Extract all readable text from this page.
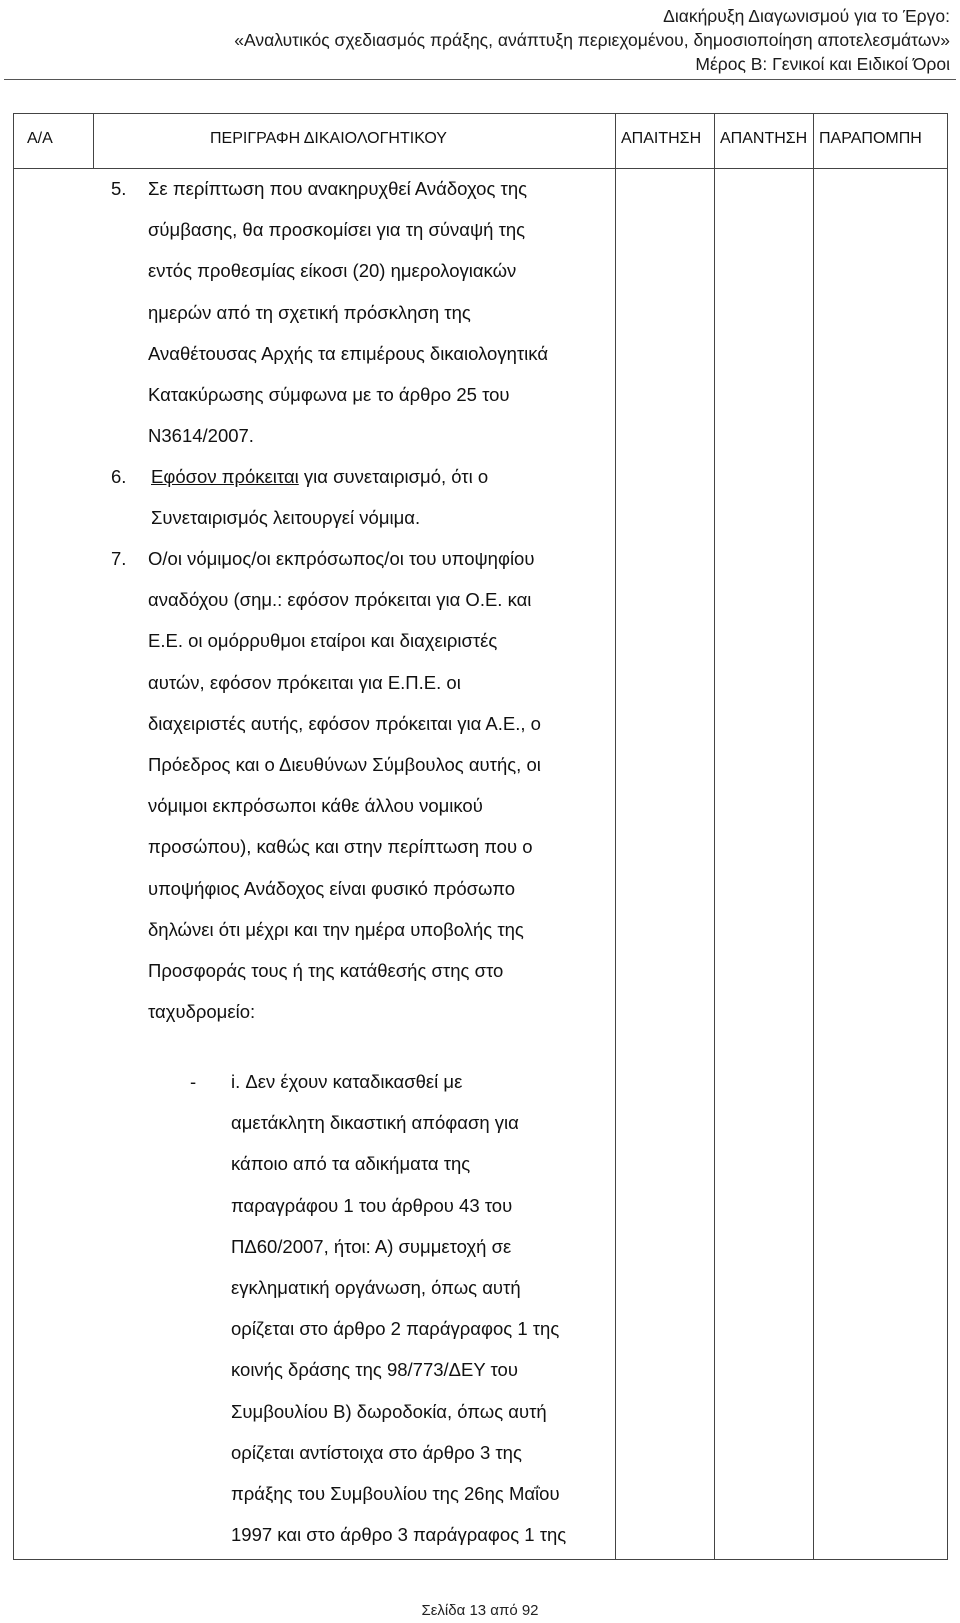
Διακήρυξη Διαγωνισμού για το Έργο:
«Αναλυτικός σχεδιασμός πράξης, ανάπτυξη περιεχομένου, δημοσιοποίηση αποτελεσμάτων»
Μέρος Β: Γενικοί και Ειδικοί Όροι
Α/Α	ΠΕΡΙΓΡΑΦΗ ΔΙΚΑΙΟΛΟΓΗΤΙΚΟΥ	ΑΠΑΙΤΗΣΗ ΑΠΑΝΤΗΣΗ ΠΑΡΑΠΟΜΠΗ
5. Σε περίπτωση που ανακηρυχθεί Ανάδοχος της
σύμβασης, θα προσκομίσει για τη σύναψή της
εντός προθεσμίας είκοσι (20) ημερολογιακών
ημερών από τη σχετική πρόσκληση της
Αναθέτουσας Αρχής τα επιμέρους δικαιολογητικά
Κατακύρωσης σύμφωνα με το άρθρο 25 του
Ν3614/2007.
6. Εφόσον πρόκειται για συνεταιρισμό, ότι ο
Συνεταιρισμός λειτουργεί νόμιμα.
7. Ο/οι νόμιμος/οι εκπρόσωπος/οι του υποψηφίου
αναδόχου (σημ.: εφόσον πρόκειται για Ο.Ε. και
Ε.Ε. οι ομόρρυθμοι εταίροι και διαχειριστές
αυτών, εφόσον πρόκειται για Ε.Π.Ε. οι
διαχειριστές αυτής, εφόσον πρόκειται για Α.Ε., ο
Πρόεδρος και ο Διευθύνων Σύμβουλος αυτής, οι
νόμιμοι εκπρόσωποι κάθε άλλου νομικού
προσώπου), καθώς και στην περίπτωση που ο
υποψήφιος Ανάδοχος είναι φυσικό πρόσωπο
δηλώνει ότι μέχρι και την ημέρα υποβολής της
Προσφοράς τους ή της κατάθεσής στης στο
ταχυδρομείο:
- i. Δεν έχουν καταδικασθεί με
αμετάκλητη δικαστική απόφαση για
κάποιο από τα αδικήματα της
παραγράφου 1 του άρθρου 43 του
ΠΔ60/2007, ήτοι: Α) συμμετοχή σε
εγκληματική οργάνωση, όπως αυτή
ορίζεται στο άρθρο 2 παράγραφος 1 της
κοινής δράσης της 98/773/ΔΕΥ του
Συμβουλίου Β) δωροδοκία, όπως αυτή
ορίζεται αντίστοιχα στο άρθρο 3 της
πράξης του Συμβουλίου της 26ης Μαΐου
1997 και στο άρθρο 3 παράγραφος 1 της
Σελίδα 13 από 92
